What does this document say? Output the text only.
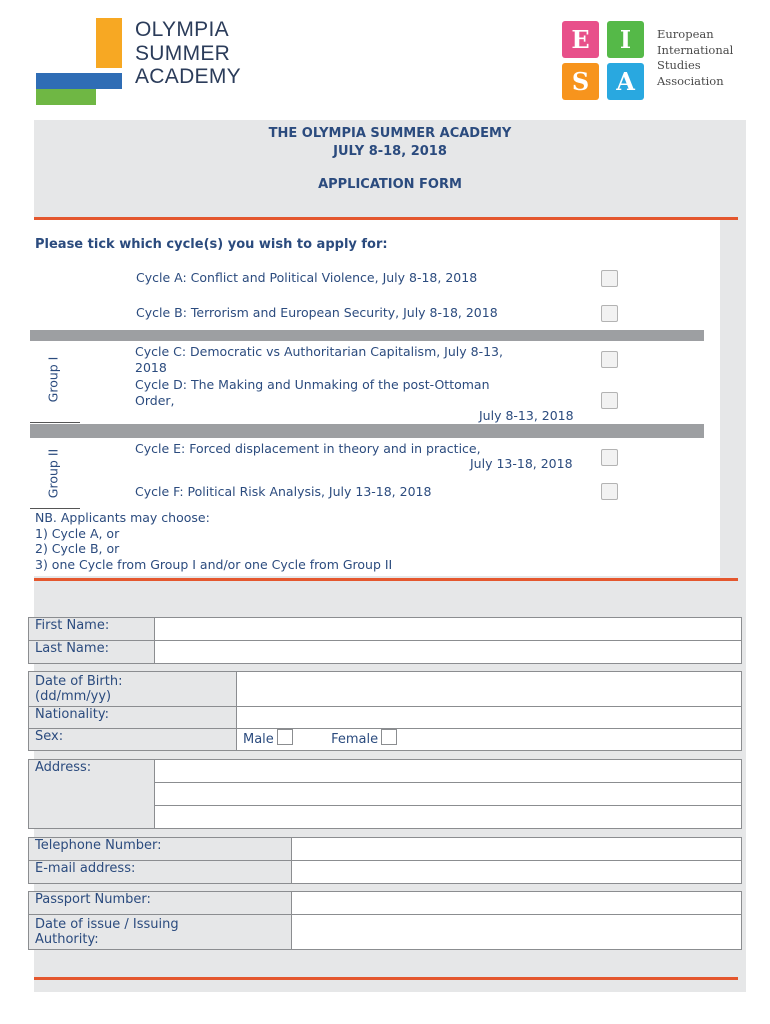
OLYMPIA
SUMMER
ACADEMY
E	I
S	A
European
International
Studies
Association
THE OLYMPIA SUMMER ACADEMY
JULY 8-18, 2018
APPLICATION FORM
Please tick which cycle(s) you wish to apply for:
Cycle A: Conflict and Political Violence, July 8-18, 2018
Cycle B: Terrorism and European Security, July 8-18, 2018
Group I
Cycle C: Democratic vs Authoritarian Capitalism, July 8-13,
2018
Cycle D: The Making and Unmaking of the post-Ottoman
Order,
July 8-13, 2018
Group II
Cycle E: Forced displacement in theory and in practice,
July 13-18, 2018
Cycle F: Political Risk Analysis, July 13-18, 2018
NB. Applicants may choose:
1) Cycle A, or
2) Cycle B, or
3) one Cycle from Group I and/or one Cycle from Group II
First Name:	
Last Name:	
Date of Birth:
(dd/mm/yy)	

Nationality:	
Sex:	Male Female
Address:	

Telephone Number:	
E-mail address:	
Passport Number:	

Date of issue / Issuing
Authority:	
